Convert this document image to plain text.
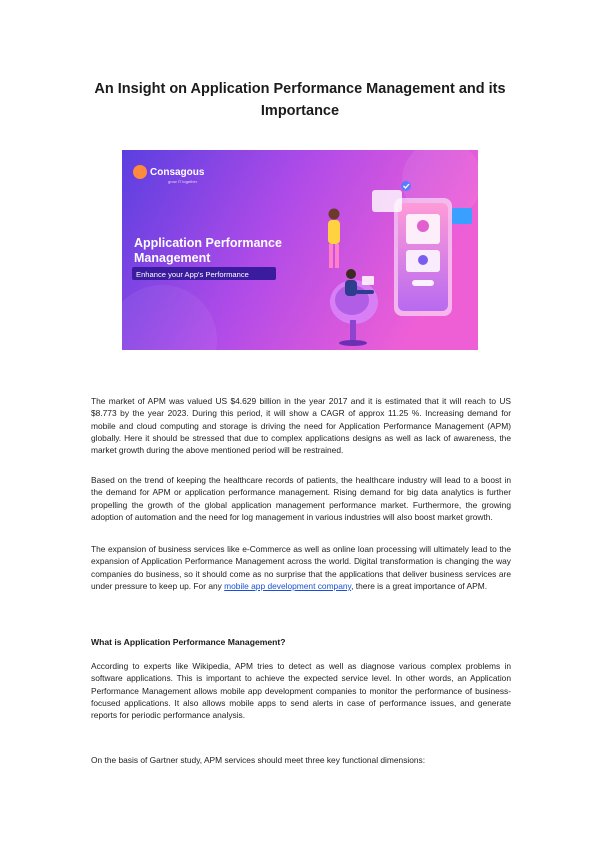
An Insight on Application Performance Management and its Importance
Consagous
grow IT together
Application Performance
Management
Enhance your App's Performance

The market of APM was valued US $4.629 billion in the year 2017 and it is estimated that it will reach to US $8.773 by the year 2023. During this period, it will show a CAGR of approx 11.25 %. Increasing demand for mobile and cloud computing and storage is driving the need for Application Performance Management (APM) globally. Here it should be stressed that due to complex applications designs as well as lack of awareness, the market growth during the above mentioned period will be restrained.

Based on the trend of keeping the healthcare records of patients, the healthcare industry will lead to a boost in the demand for APM or application performance management. Rising demand for big data analytics is further propelling the growth of the global application management performance market. Furthermore, the growing adoption of automation and the need for log management in various industries will also boost market growth.

The expansion of business services like e-Commerce as well as online loan processing will ultimately lead to the expansion of Application Performance Management across the world. Digital transformation is changing the way companies do business, so it should come as no surprise that the applications that deliver business services are under pressure to keep up. For any mobile app development company, there is a great importance of APM.

What is Application Performance Management?

According to experts like Wikipedia, APM tries to detect as well as diagnose various complex problems in software applications. This is important to achieve the expected service level. In other words, an Application Performance Management allows mobile app development companies to monitor the performance of business-focused applications. It also allows mobile apps to send alerts in case of performance issues, and generate reports for periodic performance analysis.

On the basis of Gartner study, APM services should meet three key functional dimensions:
